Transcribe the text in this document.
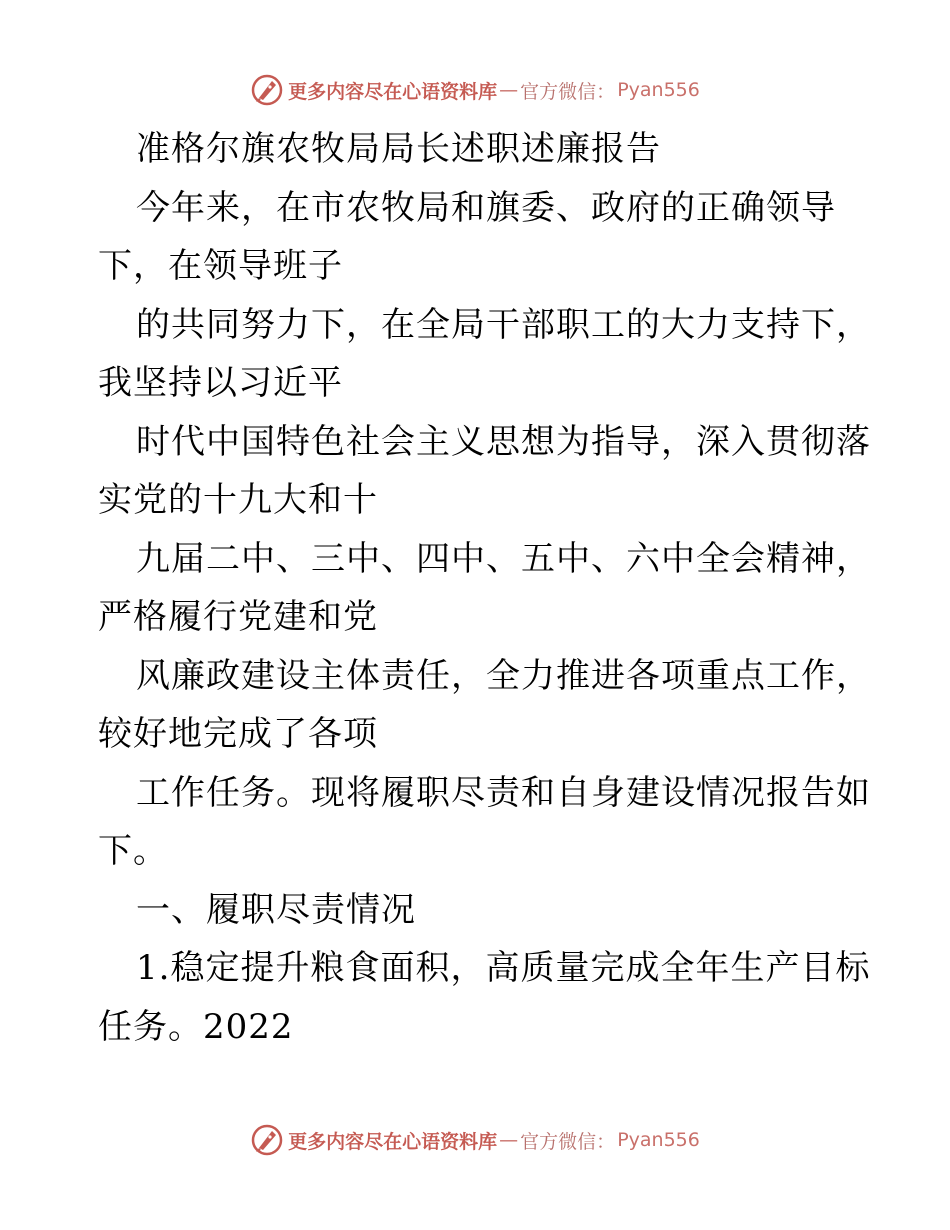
更多内容尽在心语资料库 — 官方微信： Pyan556
准格尔旗农牧局局长述职述廉报告
今年来，在市农牧局和旗委、政府的正确领导
下，在领导班子
的共同努力下，在全局干部职工的大力支持下，
我坚持以习近平
时代中国特色社会主义思想为指导，深入贯彻落
实党的十九大和十
九届二中、三中、四中、五中、六中全会精神，
严格履行党建和党
风廉政建设主体责任，全力推进各项重点工作，
较好地完成了各项
工作任务。现将履职尽责和自身建设情况报告如
下。
一、履职尽责情况
1.稳定提升粮食面积，高质量完成全年生产目标
任务。2022
更多内容尽在心语资料库 — 官方微信： Pyan556
